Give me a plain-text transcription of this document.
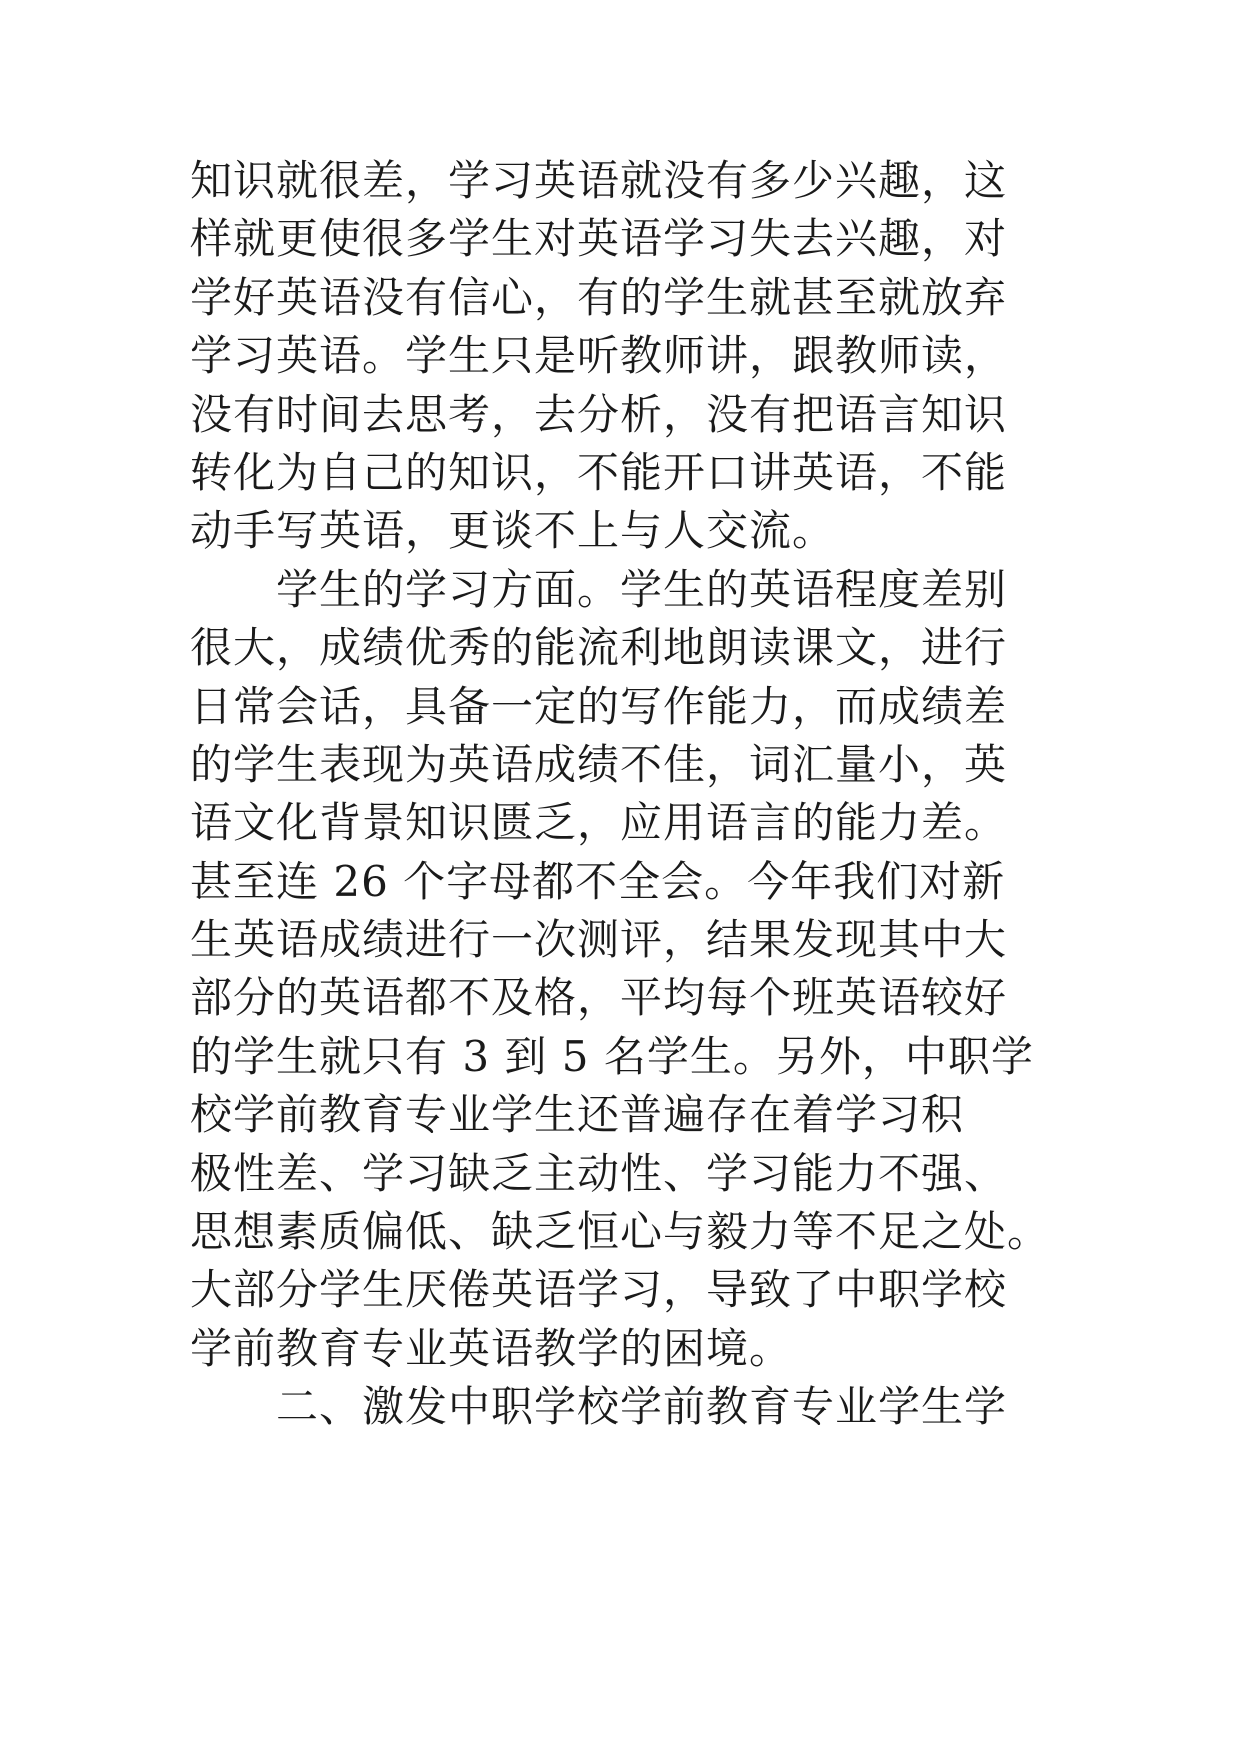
知识就很差，学习英语就没有多少兴趣，这
样就更使很多学生对英语学习失去兴趣，对
学好英语没有信心，有的学生就甚至就放弃
学习英语。学生只是听教师讲，跟教师读，
没有时间去思考，去分析，没有把语言知识
转化为自己的知识，不能开口讲英语，不能
动手写英语，更谈不上与人交流。
学生的学习方面。学生的英语程度差别
很大，成绩优秀的能流利地朗读课文，进行
日常会话，具备一定的写作能力，而成绩差
的学生表现为英语成绩不佳，词汇量小，英
语文化背景知识匮乏，应用语言的能力差。
甚至连 26 个字母都不全会。今年我们对新
生英语成绩进行一次测评，结果发现其中大
部分的英语都不及格，平均每个班英语较好
的学生就只有 3 到 5 名学生。另外，中职学
校学前教育专业学生还普遍存在着学习积
极性差、学习缺乏主动性、学习能力不强、
思想素质偏低、缺乏恒心与毅力等不足之处。
大部分学生厌倦英语学习，导致了中职学校
学前教育专业英语教学的困境。
二、激发中职学校学前教育专业学生学
